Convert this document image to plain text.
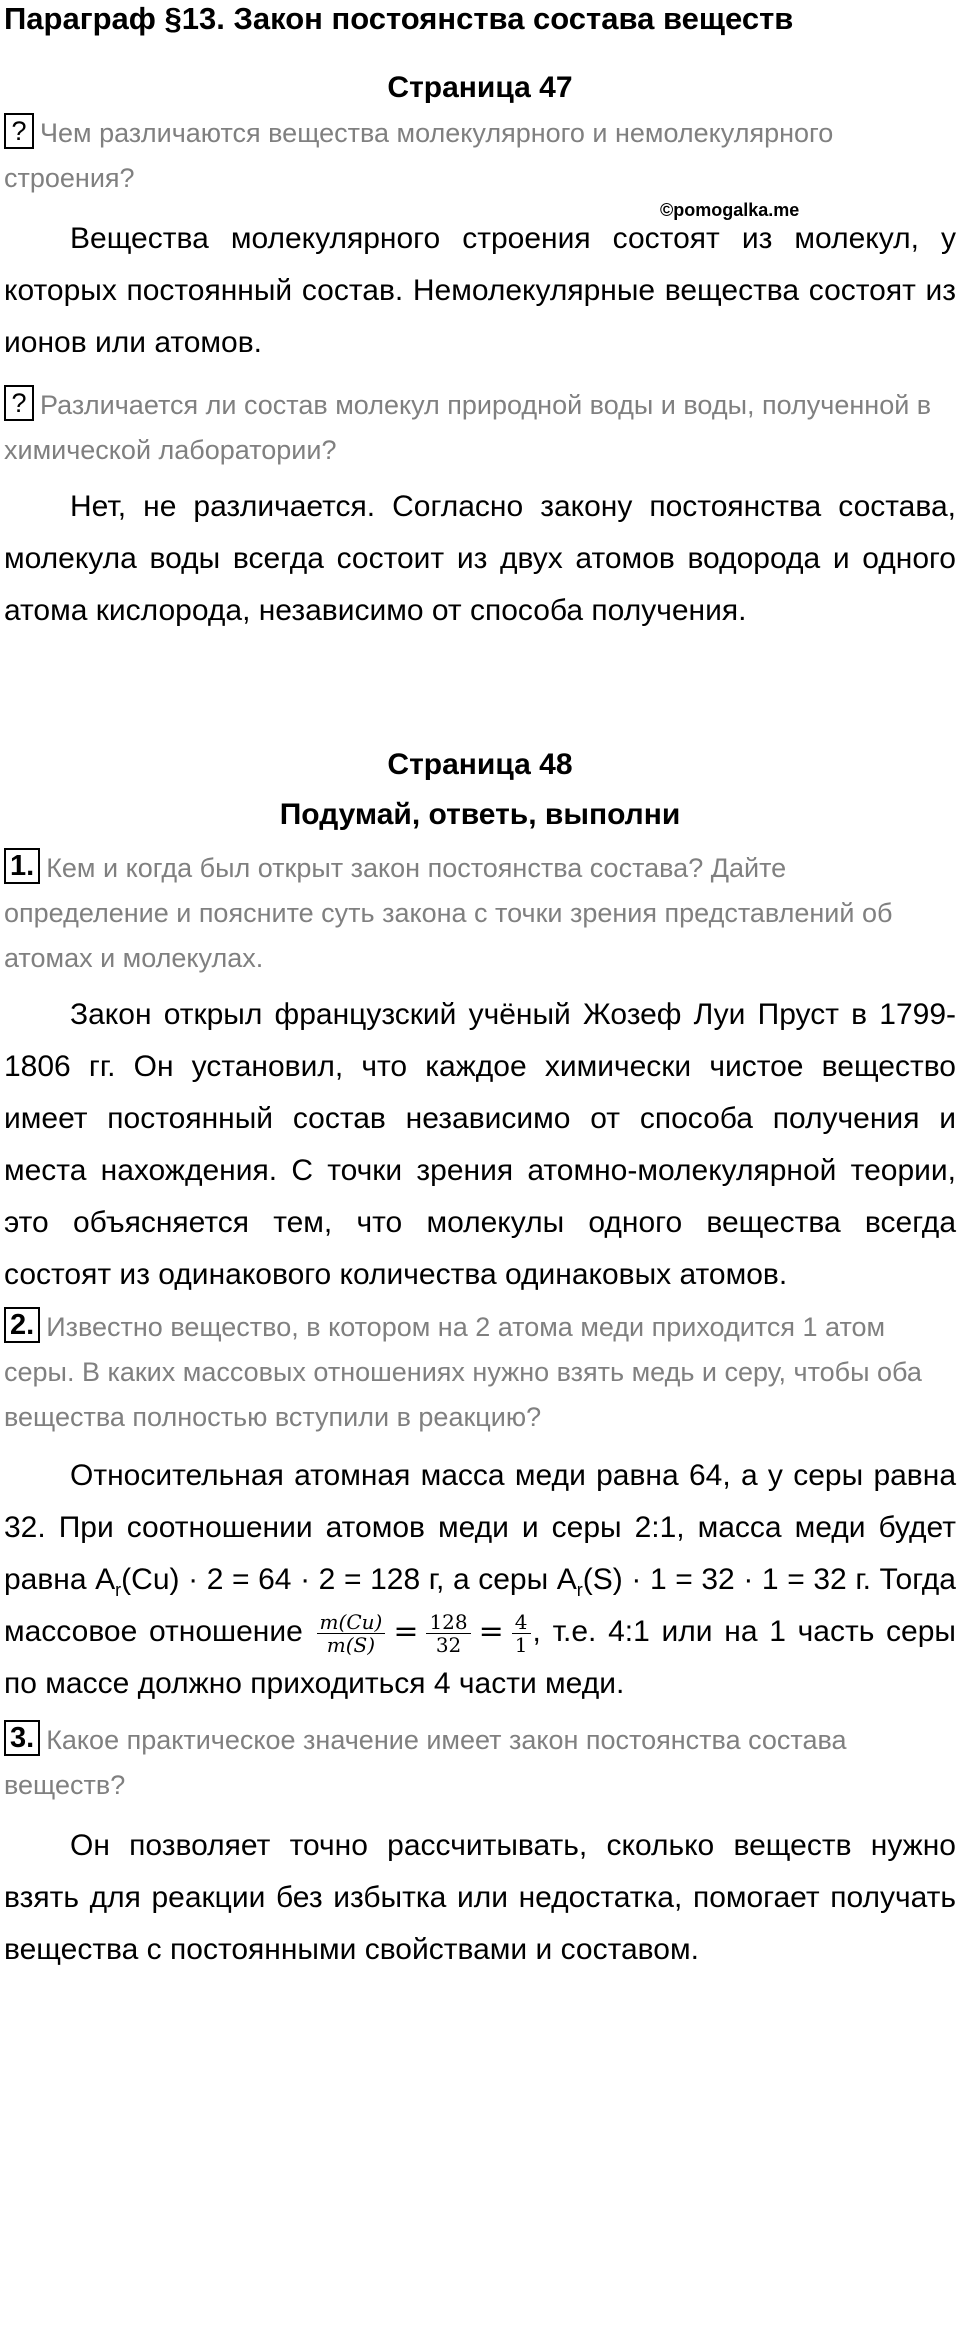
Параграф §13. Закон постоянства состава веществ
Страница 47

? Чем различаются вещества молекулярного и немолекулярного строения?

©pomogalka.me

Вещества молекулярного строения состоят из молекул, у которых постоянный состав. Немолекулярные вещества состоят из ионов или атомов.

? Различается ли состав молекул природной воды и воды, полученной в химической лаборатории?

Нет, не различается. Согласно закону постоянства состава, молекула воды всегда состоит из двух атомов водорода и одного атома кислорода, независимо от способа получения.

Страница 48
Подумай, ответь, выполни

1. Кем и когда был открыт закон постоянства состава? Дайте определение и поясните суть закона с точки зрения представлений об атомах и молекулах.

Закон открыл французский учёный Жозеф Луи Пруст в 1799-1806 гг. Он установил, что каждое химически чистое вещество имеет постоянный состав независимо от способа получения и места нахождения. С точки зрения атомно-молекулярной теории, это объясняется тем, что молекулы одного вещества всегда состоят из одинакового количества одинаковых атомов.

2. Известно вещество, в котором на 2 атома меди приходится 1 атом серы. В каких массовых отношениях нужно взять медь и серу, чтобы оба вещества полностью вступили в реакцию?

Относительная атомная масса меди равна 64, а у серы равна 32. При соотношении атомов меди и серы 2:1, масса меди будет равна $A_r(Cu) \cdot 2 = 64 \cdot 2 = 128$ г, а серы $A_r(S) \cdot 1 = 32 \cdot 1 = 32$ г. Тогда массовое отношение $\frac{m(Cu)}{m(S)} = \frac{128}{32} = \frac{4}{1}$ , т.е. 4:1 или на 1 часть серы по массе должно приходиться 4 части меди.

3. Какое практическое значение имеет закон постоянства состава веществ?

Он позволяет точно рассчитывать, сколько веществ нужно взять для реакции без избытка или недостатка, помогает получать вещества с постоянными свойствами и составом.
